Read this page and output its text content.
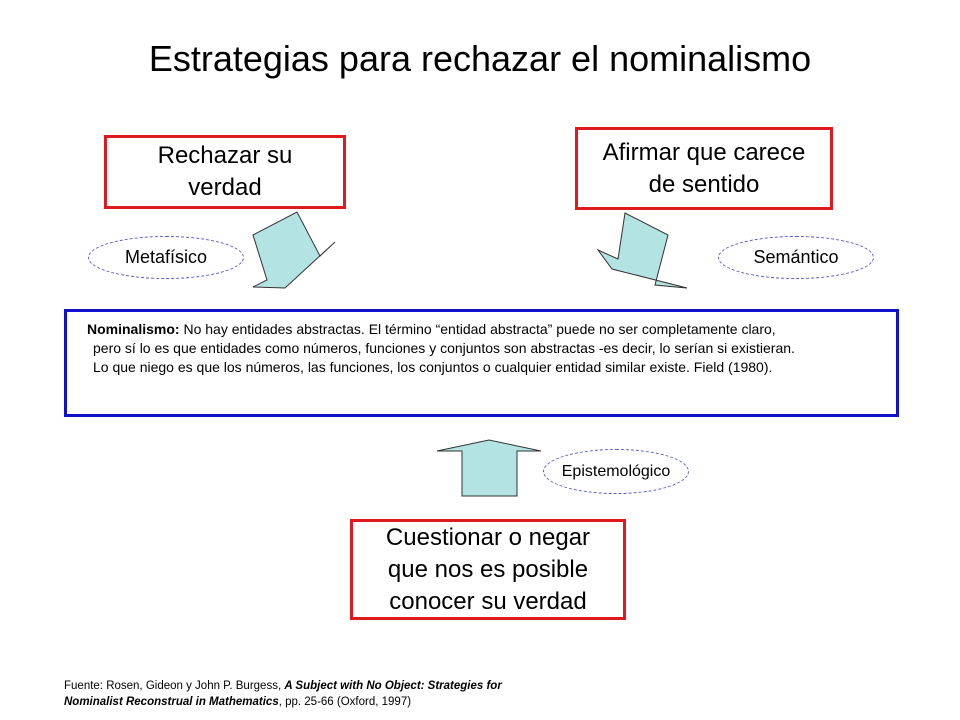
Estrategias para rechazar el nominalismo
Rechazar su
verdad
Afirmar que carece
de sentido
Cuestionar o negar
que nos es posible
conocer su verdad
Metafísico	Semántico
Epistemológico

Nominalismo: No hay entidades abstractas. El término “entidad abstracta” puede no ser completamente claro,

pero sí lo es que entidades como números, funciones y conjuntos son abstractas -es decir, lo serían si existieran.

Lo que niego es que los números, las funciones, los conjuntos o cualquier entidad similar existe. Field (1980).

Fuente: Rosen, Gideon y John P. Burgess, A Subject with No Object: Strategies for
Nominalist Reconstrual in Mathematics, pp. 25-66 (Oxford, 1997)
